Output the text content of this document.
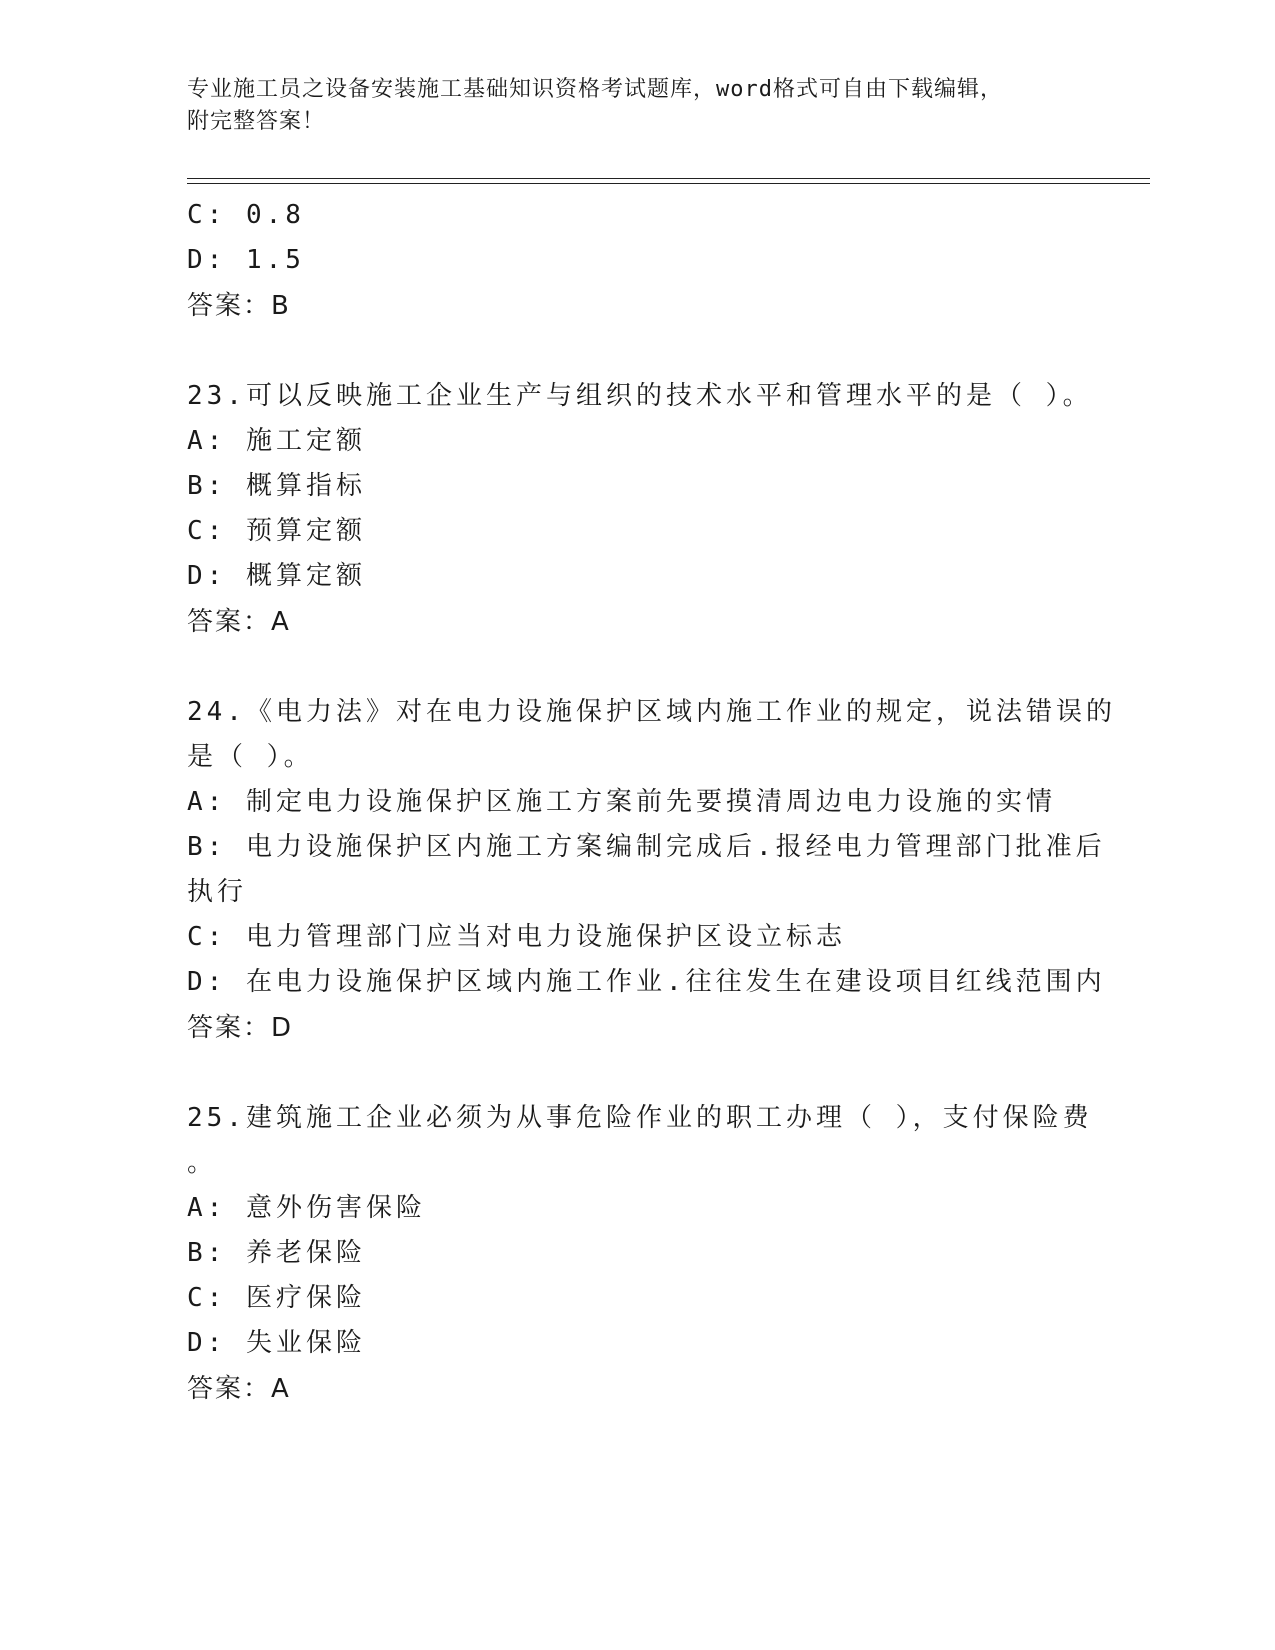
专业施工员之设备安装施工基础知识资格考试题库，word格式可自由下载编辑，
附完整答案！
C: 0.8
D: 1.5
答案：B
23.可以反映施工企业生产与组织的技术水平和管理水平的是（ ）。
A: 施工定额
B: 概算指标
C: 预算定额
D: 概算定额
答案：A
24.《电力法》对在电力设施保护区域内施工作业的规定，说法错误的
是（ ）。
A: 制定电力设施保护区施工方案前先要摸清周边电力设施的实情
B: 电力设施保护区内施工方案编制完成后.报经电力管理部门批准后
执行
C: 电力管理部门应当对电力设施保护区设立标志
D: 在电力设施保护区域内施工作业.往往发生在建设项目红线范围内
答案：D
25.建筑施工企业必须为从事危险作业的职工办理（ ），支付保险费
。
A: 意外伤害保险
B: 养老保险
C: 医疗保险
D: 失业保险
答案：A
